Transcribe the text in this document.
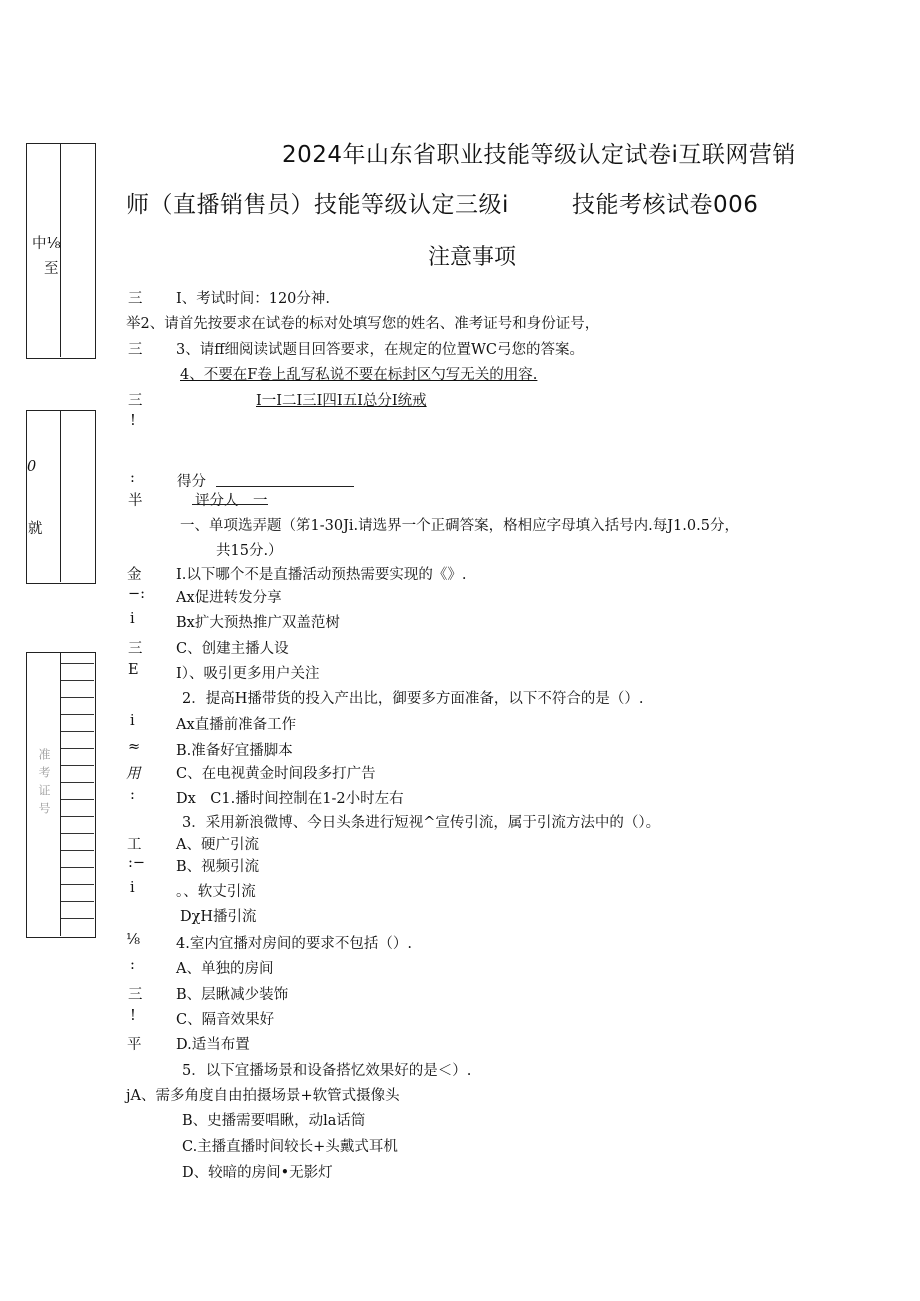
中⅛
至
0
就
准考证号
2024年山东省职业技能等级认定试卷i互联网营销
师（直播销售员）技能等级认定三级i	技能考核试卷006
注意事项
三 I、考试时间：120分神.
举2、请首先按要求在试卷的标对处填写您的姓名、准考证号和身份证号，
三 3、请ff细阅读试题目回答要求，在规定的位置WC弓您的答案。
4、不要在F卷上乱写私说不要在标封区勺写无关的用容.
三	I一I二I三I四I五I总分I统戒
!
:	得分
半	评分人　一
一、单项选弄题（笫1-30Ji.请选界一个正碉答案，格相应字母填入括号内.每J1.0.5分，
共15分.）
金 I.以下哪个不是直播活动预热需要实现的《》.
−: Ax促进转发分享
i	Bx扩大预热推广双盖范树
三 C、创建主播人设
E	I）、吸引更多用户关注
2．提高H播带货的投入产出比，御要多方面准备，以下不符合的是（）.
i	Ax直播前准备工作
≈ B.准备好宜播脚本
用 C、在电视黄金时间段多打广告
:	Dx　C1.播时间控制在1-2小时左右
3．采用新浪微博、今日头条进行短视^宣传引流，属于引流方法中的（）。
工 A、硬广引流
:− B、视频引流
i	。、软丈引流
DχH播引流
⅛ 4.室内宜播对房间的要求不包括（）.
:	A、单独的房间
三 B、层瞅减少装饰
!	C、隔音效果好
平 D.适当布置
5．以下宜播场景和设备搭忆效果好的是＜）.
jA、需多角度自由拍摄场景+软管式摄像头
B、史播需要唱瞅，动la话筒
C.主播直播时间较长+头戴式耳机
D、较暗的房间•无影灯
